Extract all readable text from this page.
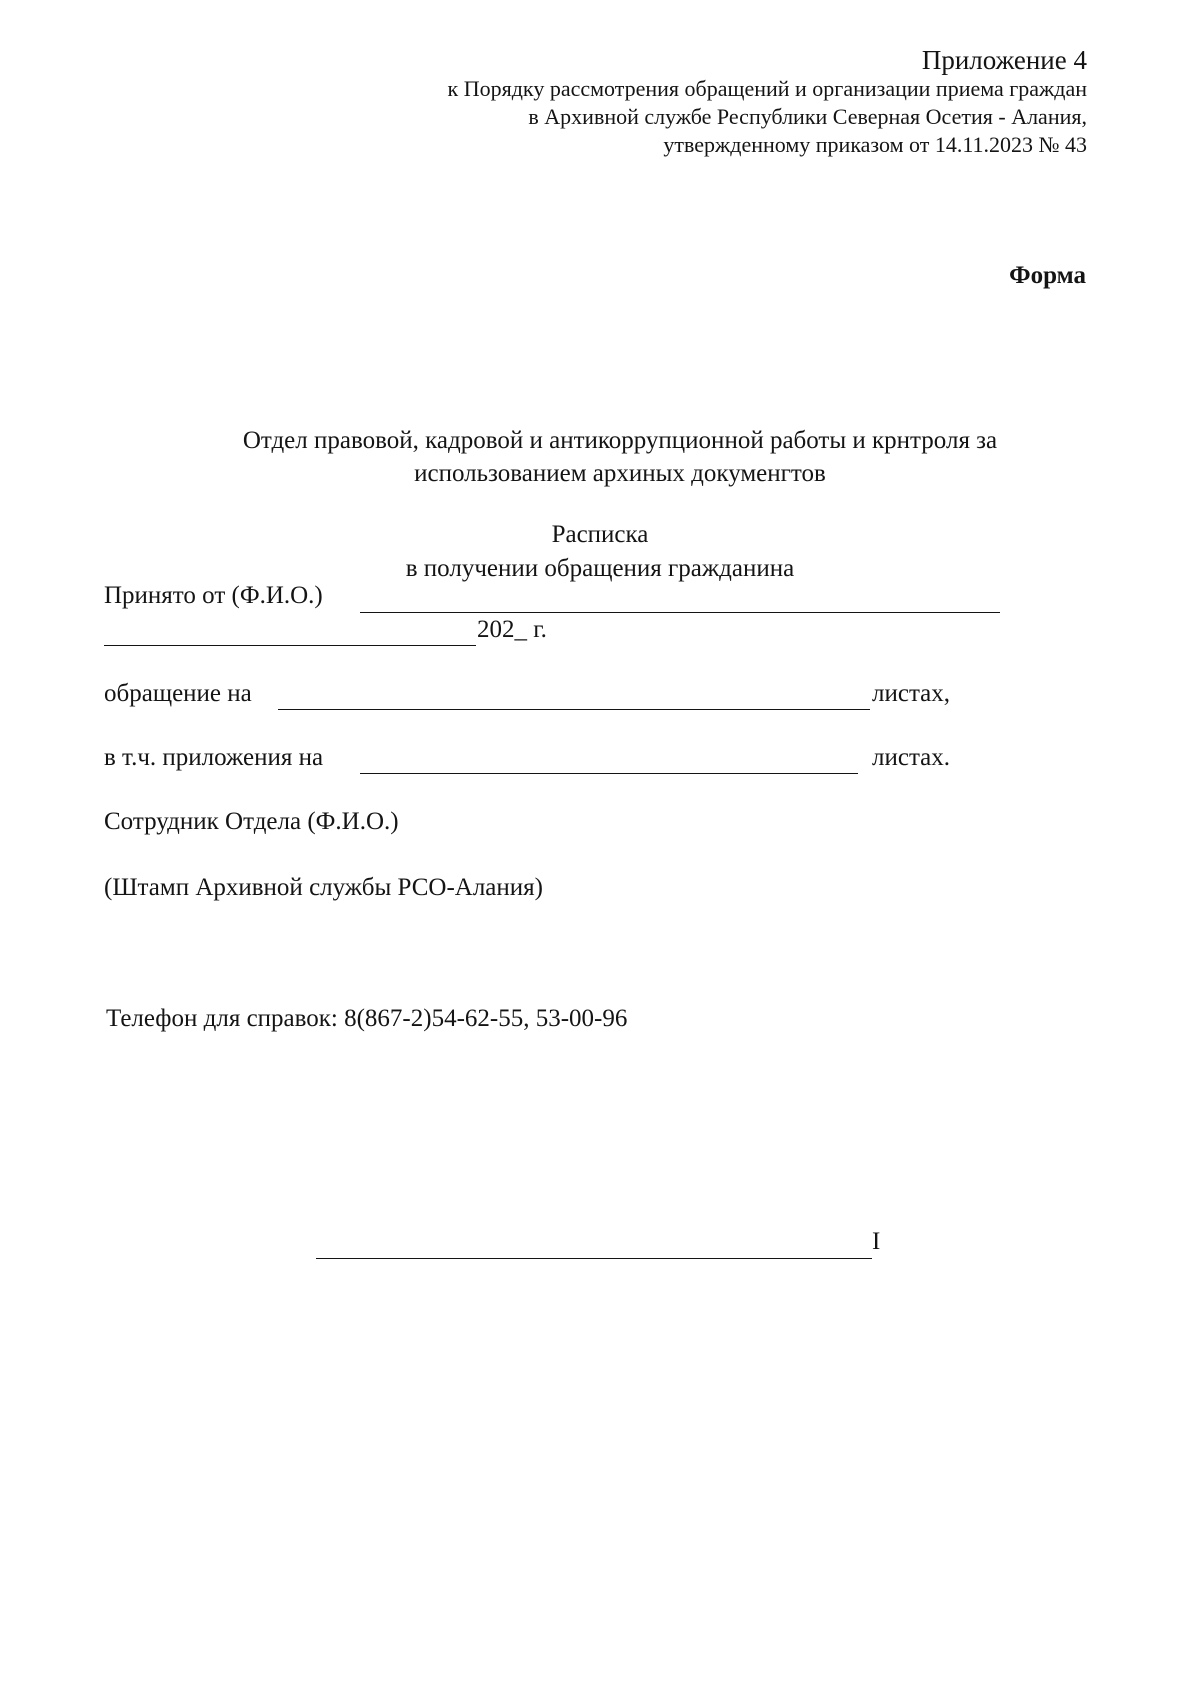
Приложение 4
к Порядку рассмотрения обращений и организации приема граждан
в Архивной службе Республики Северная Осетия - Алания,
утвержденному приказом от 14.11.2023 № 43
Форма
Отдел правовой, кадровой и антикоррупционной работы и крнтроля за
использованием архиных докуменгтов
Расписка
в получении обращения гражданина
Принято от (Ф.И.О.)
202_ г.
обращение на	листах,
в т.ч. приложения на	листах.
Сотрудник Отдела (Ф.И.О.)
(Штамп Архивной службы РСО-Алания)
Телефон для справок: 8(867-2)54-62-55, 53-00-96
I
